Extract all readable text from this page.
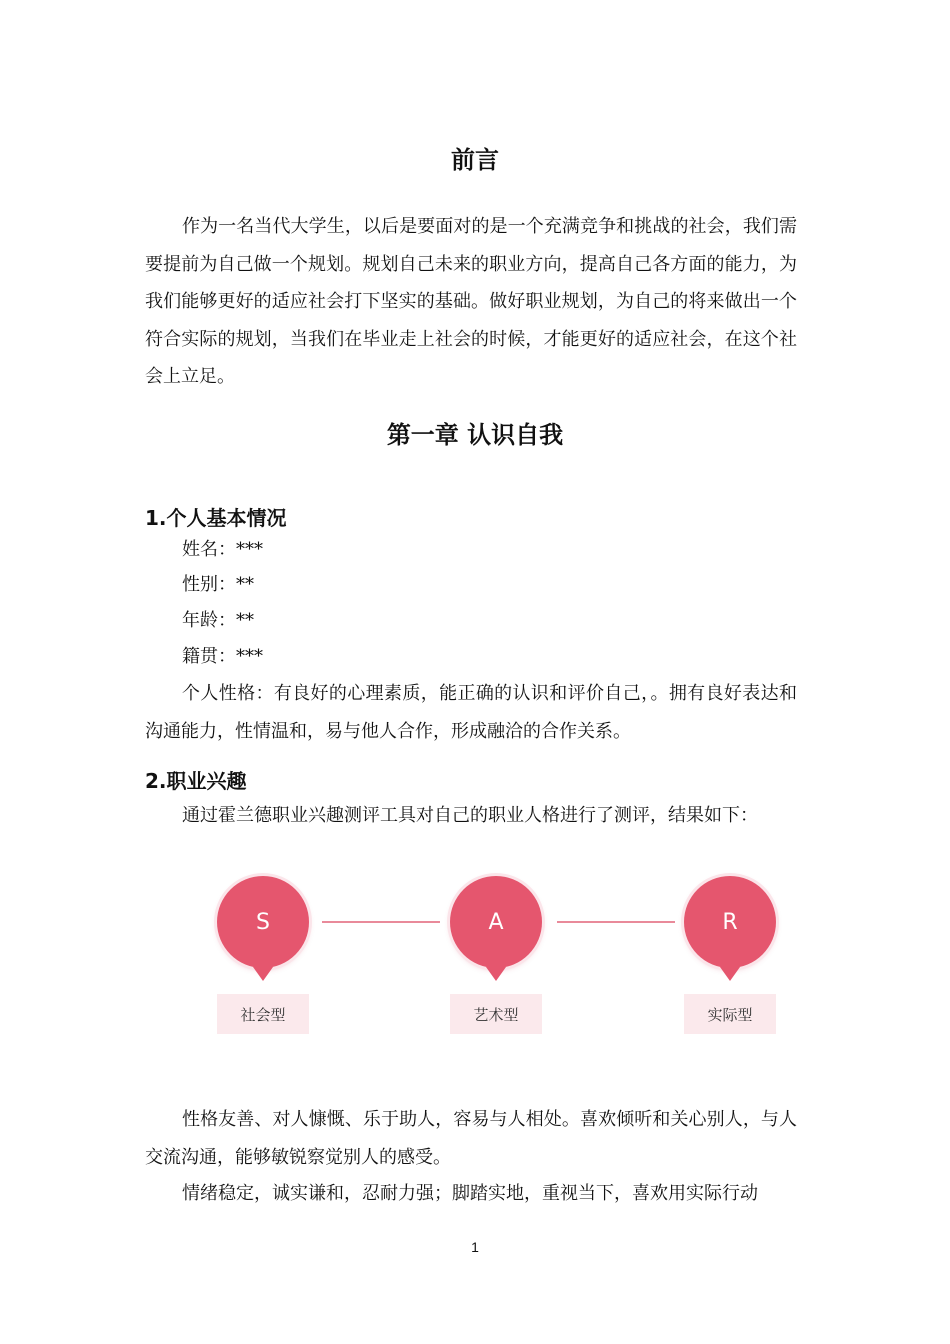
前言

作为一名当代大学生，以后是要面对的是一个充满竞争和挑战的社会，我们需要提前为自己做一个规划。规划自己未来的职业方向，提高自己各方面的能力，为我们能够更好的适应社会打下坚实的基础。做好职业规划，为自己的将来做出一个符合实际的规划，当我们在毕业走上社会的时候，才能更好的适应社会，在这个社会上立足。

第一章 认识自我
1.个人基本情况
姓名：***
性别：**
年龄：**
籍贯：***

个人性格：有良好的心理素质，能正确的认识和评价自己，。拥有良好表达和沟通能力，性情温和，易与他人合作，形成融洽的合作关系。

2.职业兴趣

通过霍兰德职业兴趣测评工具对自己的职业人格进行了测评，结果如下：

S
社会型
A
艺术型
R
实际型

性格友善、对人慷慨、乐于助人，容易与人相处。喜欢倾听和关心别人，与人交流沟通，能够敏锐察觉别人的感受。

情绪稳定，诚实谦和，忍耐力强；脚踏实地，重视当下，喜欢用实际行动

1
